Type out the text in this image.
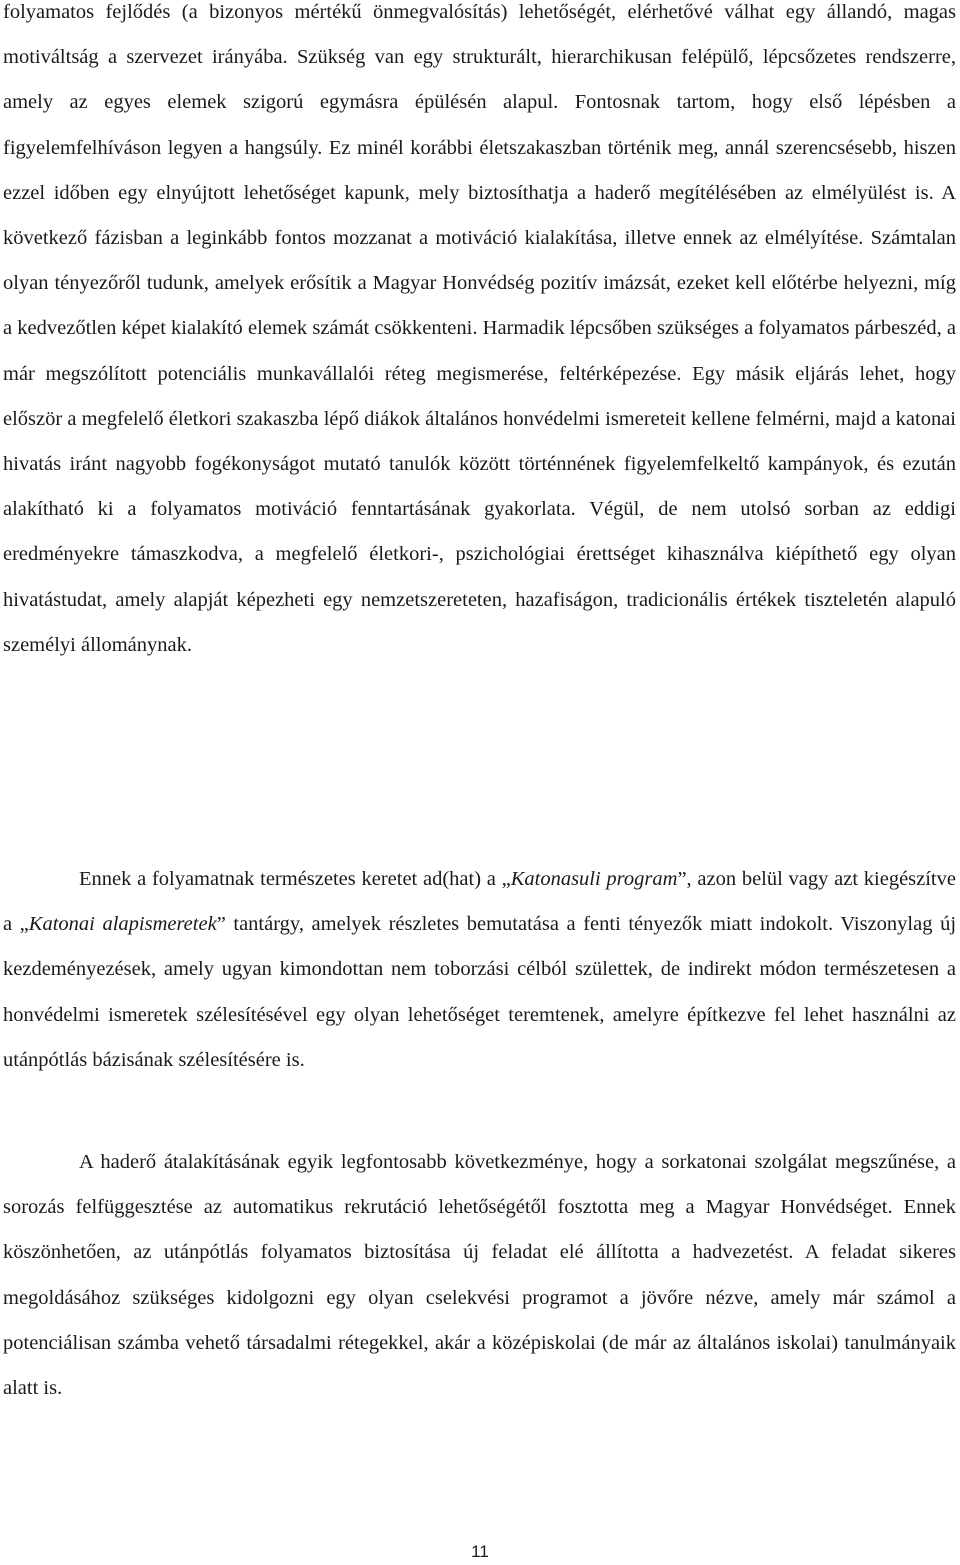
folyamatos fejlődés (a bizonyos mértékű önmegvalósítás) lehetőségét, elérhetővé válhat egy állandó, magas motiváltság a szervezet irányába. Szükség van egy strukturált, hierarchikusan felépülő, lépcsőzetes rendszerre, amely az egyes elemek szigorú egymásra épülésén alapul. Fontosnak tartom, hogy első lépésben a figyelemfelhíváson legyen a hangsúly. Ez minél korábbi életszakaszban történik meg, annál szerencsésebb, hiszen ezzel időben egy elnyújtott lehetőséget kapunk, mely biztosíthatja a haderő megítélésében az elmélyülést is. A következő fázisban a leginkább fontos mozzanat a motiváció kialakítása, illetve ennek az elmélyítése. Számtalan olyan tényezőről tudunk, amelyek erősítik a Magyar Honvédség pozitív imázsát, ezeket kell előtérbe helyezni, míg a kedvezőtlen képet kialakító elemek számát csökkenteni. Harmadik lépcsőben szükséges a folyamatos párbeszéd, a már megszólított potenciális munkavállalói réteg megismerése, feltérképezése. Egy másik eljárás lehet, hogy először a megfelelő életkori szakaszba lépő diákok általános honvédelmi ismereteit kellene felmérni, majd a katonai hivatás iránt nagyobb fogékonyságot mutató tanulók között történnének figyelemfelkeltő kampányok, és ezután alakítható ki a folyamatos motiváció fenntartásának gyakorlata. Végül, de nem utolsó sorban az eddigi eredményekre támaszkodva, a megfelelő életkori-, pszichológiai érettséget kihasználva kiépíthető egy olyan hivatástudat, amely alapját képezheti egy nemzetszereteten, hazafiságon, tradicionális értékek tiszteletén alapuló személyi állománynak.

Ennek a folyamatnak természetes keretet ad(hat) a „Katonasuli program”, azon belül vagy azt kiegészítve a „Katonai alapismeretek” tantárgy, amelyek részletes bemutatása a fenti tényezők miatt indokolt. Viszonylag új kezdeményezések, amely ugyan kimondottan nem toborzási célból születtek, de indirekt módon természetesen a honvédelmi ismeretek szélesítésével egy olyan lehetőséget teremtenek, amelyre építkezve fel lehet használni az utánpótlás bázisának szélesítésére is.

A haderő átalakításának egyik legfontosabb következménye, hogy a sorkatonai szolgálat megszűnése, a sorozás felfüggesztése az automatikus rekrutáció lehetőségétől fosztotta meg a Magyar Honvédséget. Ennek köszönhetően, az utánpótlás folyamatos biztosítása új feladat elé állította a hadvezetést. A feladat sikeres megoldásához szükséges kidolgozni egy olyan cselekvési programot a jövőre nézve, amely már számol a potenciálisan számba vehető társadalmi rétegekkel, akár a középiskolai (de már az általános iskolai) tanulmányaik alatt is.

11
